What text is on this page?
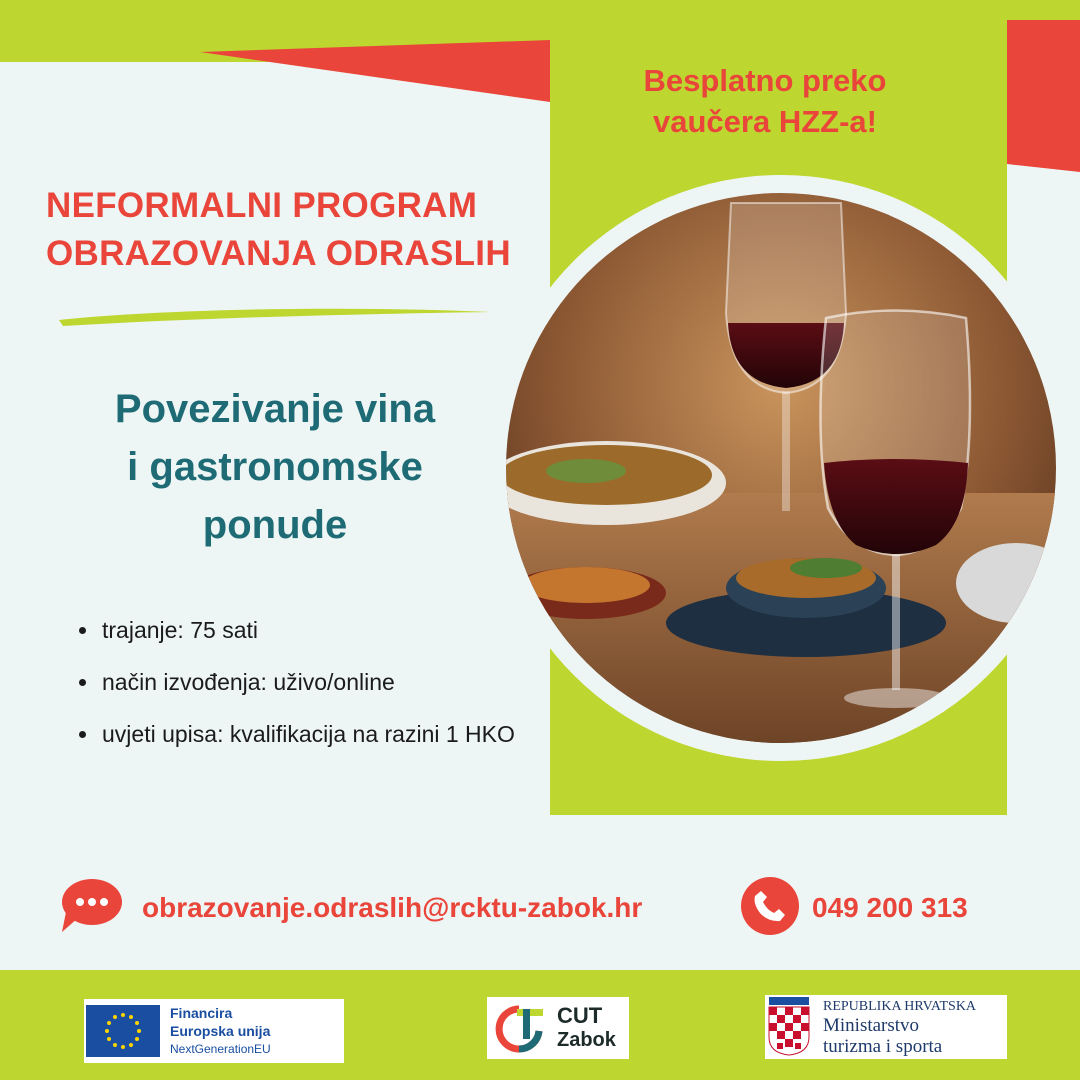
Besplatno preko
vaučera HZZ-a!
NEFORMALNI PROGRAM
OBRAZOVANJA ODRASLIH
Povezivanje vina
i gastronomske
ponude
• trajanje: 75 sati
• način izvođenja: uživo/online
• uvjeti upisa: kvalifikacija na razini 1 HKO
obrazovanje.odraslih@rcktu-zabok.hr	049 200 313
Financira
Europska unija
NextGenerationEU
CUT
Zabok
REPUBLIKA HRVATSKA
Ministarstvo
turizma i sporta
